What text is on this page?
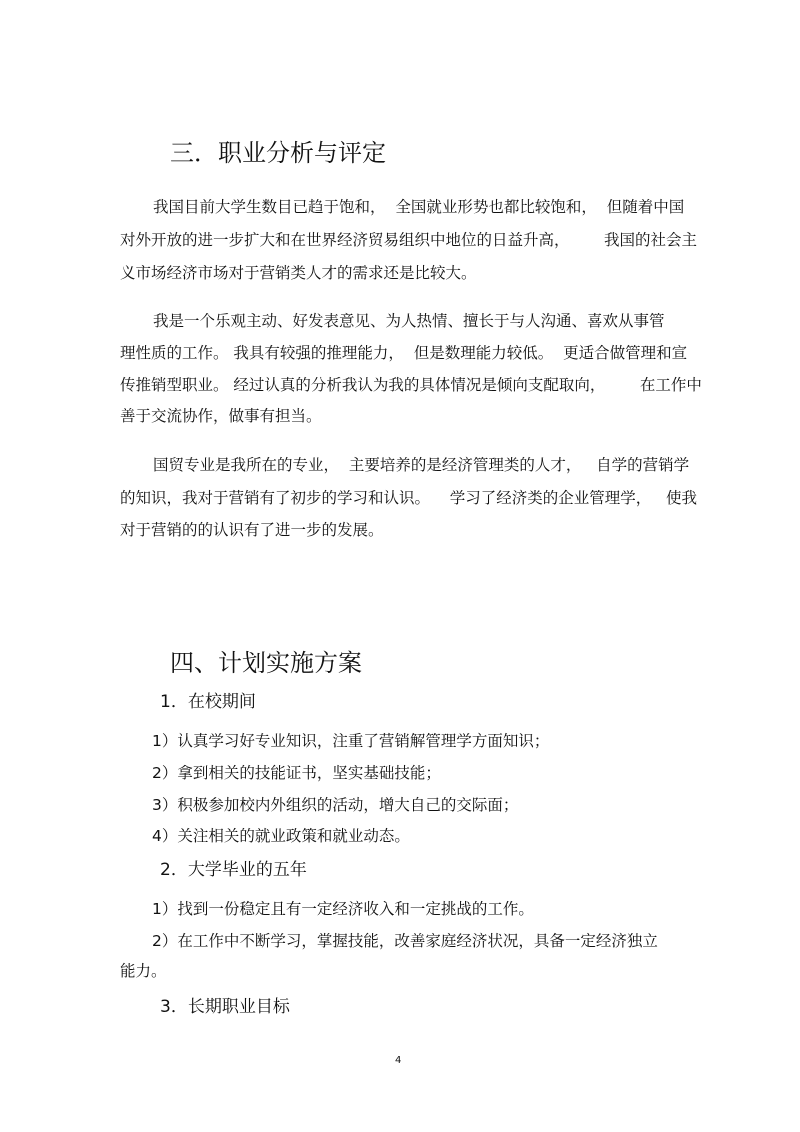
三．职业分析与评定
我国目前大学生数目已趋于饱和，  全国就业形势也都比较饱和，  但随着中国
对外开放的进一步扩大和在世界经济贸易组织中地位的日益升高，       我国的社会主
义市场经济市场对于营销类人才的需求还是比较大。
我是一个乐观主动、好发表意见、为人热情、擅长于与人沟通、喜欢从事管
理性质的工作。 我具有较强的推理能力，  但是数理能力较低。  更适合做管理和宣
传推销型职业。 经过认真的分析我认为我的具体情况是倾向支配取向，       在工作中
善于交流协作，做事有担当。
国贸专业是我所在的专业，  主要培养的是经济管理类的人才，   自学的营销学
的知识，我对于营销有了初步的学习和认识。    学习了经济类的企业管理学，   使我
对于营销的的认识有了进一步的发展。
四、计划实施方案
1．在校期间
1）认真学习好专业知识，注重了营销解管理学方面知识；
2）拿到相关的技能证书，坚实基础技能；
3）积极参加校内外组织的活动，增大自己的交际面；
4）关注相关的就业政策和就业动态。
2．大学毕业的五年
1）找到一份稳定且有一定经济收入和一定挑战的工作。
2）在工作中不断学习，掌握技能，改善家庭经济状况，具备一定经济独立
能力。
3．长期职业目标
4
